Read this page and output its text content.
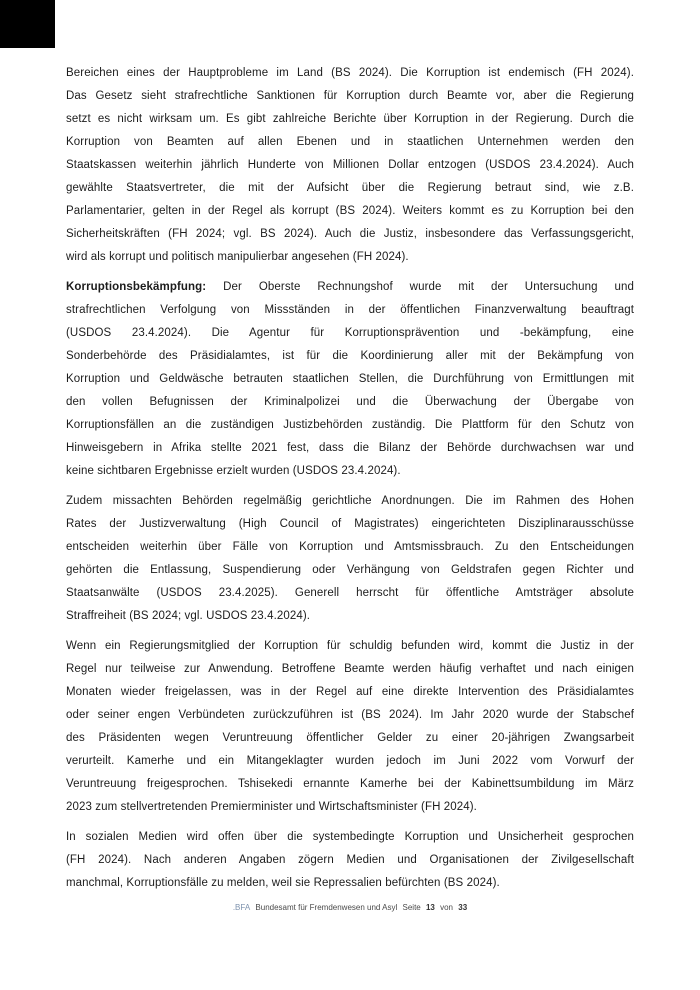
Bereichen eines der Hauptprobleme im Land (BS 2024). Die Korruption ist endemisch (FH 2024).
Das Gesetz sieht strafrechtliche Sanktionen für Korruption durch Beamte vor, aber die Regierung
setzt es nicht wirksam um. Es gibt zahlreiche Berichte über Korruption in der Regierung. Durch die
Korruption von Beamten auf allen Ebenen und in staatlichen Unternehmen werden den
Staatskassen weiterhin jährlich Hunderte von Millionen Dollar entzogen (USDOS 23.4.2024). Auch
gewählte Staatsvertreter, die mit der Aufsicht über die Regierung betraut sind, wie z.B.
Parlamentarier, gelten in der Regel als korrupt (BS 2024). Weiters kommt es zu Korruption bei den
Sicherheitskräften (FH 2024; vgl. BS 2024). Auch die Justiz, insbesondere das Verfassungsgericht,
wird als korrupt und politisch manipulierbar angesehen (FH 2024).
Korruptionsbekämpfung: Der Oberste Rechnungshof wurde mit der Untersuchung und
strafrechtlichen Verfolgung von Missständen in der öffentlichen Finanzverwaltung beauftragt
(USDOS 23.4.2024). Die Agentur für Korruptionsprävention und -bekämpfung, eine
Sonderbehörde des Präsidialamtes, ist für die Koordinierung aller mit der Bekämpfung von
Korruption und Geldwäsche betrauten staatlichen Stellen, die Durchführung von Ermittlungen mit
den vollen Befugnissen der Kriminalpolizei und die Überwachung der Übergabe von
Korruptionsfällen an die zuständigen Justizbehörden zuständig. Die Plattform für den Schutz von
Hinweisgebern in Afrika stellte 2021 fest, dass die Bilanz der Behörde durchwachsen war und
keine sichtbaren Ergebnisse erzielt wurden (USDOS 23.4.2024).
Zudem missachten Behörden regelmäßig gerichtliche Anordnungen. Die im Rahmen des Hohen
Rates der Justizverwaltung (High Council of Magistrates) eingerichteten Disziplinarausschüsse
entscheiden weiterhin über Fälle von Korruption und Amtsmissbrauch. Zu den Entscheidungen
gehörten die Entlassung, Suspendierung oder Verhängung von Geldstrafen gegen Richter und
Staatsanwälte (USDOS 23.4.2025). Generell herrscht für öffentliche Amtsträger absolute
Straffreiheit (BS 2024; vgl. USDOS 23.4.2024).
Wenn ein Regierungsmitglied der Korruption für schuldig befunden wird, kommt die Justiz in der
Regel nur teilweise zur Anwendung. Betroffene Beamte werden häufig verhaftet und nach einigen
Monaten wieder freigelassen, was in der Regel auf eine direkte Intervention des Präsidialamtes
oder seiner engen Verbündeten zurückzuführen ist (BS 2024). Im Jahr 2020 wurde der Stabschef
des Präsidenten wegen Veruntreuung öffentlicher Gelder zu einer 20-jährigen Zwangsarbeit
verurteilt. Kamerhe und ein Mitangeklagter wurden jedoch im Juni 2022 vom Vorwurf der
Veruntreuung freigesprochen. Tshisekedi ernannte Kamerhe bei der Kabinettsumbildung im März
2023 zum stellvertretenden Premierminister und Wirtschaftsminister (FH 2024).
In sozialen Medien wird offen über die systembedingte Korruption und Unsicherheit gesprochen
(FH 2024). Nach anderen Angaben zögern Medien und Organisationen der Zivilgesellschaft
manchmal, Korruptionsfälle zu melden, weil sie Repressalien befürchten (BS 2024).
.BFA Bundesamt für Fremdenwesen und Asyl Seite 13 von 33
